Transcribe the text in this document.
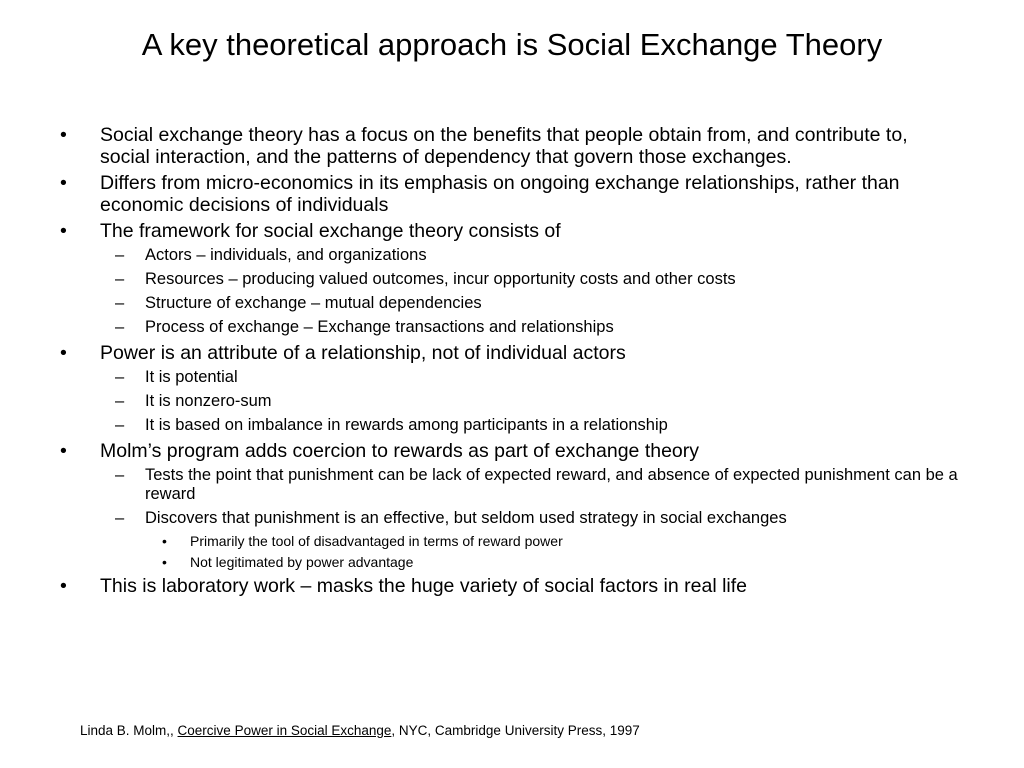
A key theoretical approach is Social Exchange Theory
• Social exchange theory has a focus on the benefits that people obtain from, and contribute to, social interaction, and the patterns of dependency that govern those exchanges.
• Differs from micro-economics in its emphasis on ongoing exchange relationships, rather than economic decisions of individuals
• The framework for social exchange theory consists of
– Actors – individuals, and organizations
– Resources – producing valued outcomes, incur opportunity costs and other costs
– Structure of exchange – mutual dependencies
– Process of exchange – Exchange transactions and relationships
• Power is an attribute of a relationship, not of individual actors
– It is potential
– It is nonzero-sum
– It is based on imbalance in rewards among participants in a relationship
• Molm’s program adds coercion to rewards as part of exchange theory
– Tests the point that punishment can be lack of expected reward, and absence of expected punishment can be a reward
– Discovers that punishment is an effective, but seldom used strategy in social exchanges
• Primarily the tool of disadvantaged in terms of reward power
• Not legitimated by power advantage
• This is laboratory work – masks the huge variety of social factors in real life
Linda B. Molm,, Coercive Power in Social Exchange, NYC, Cambridge University Press, 1997
